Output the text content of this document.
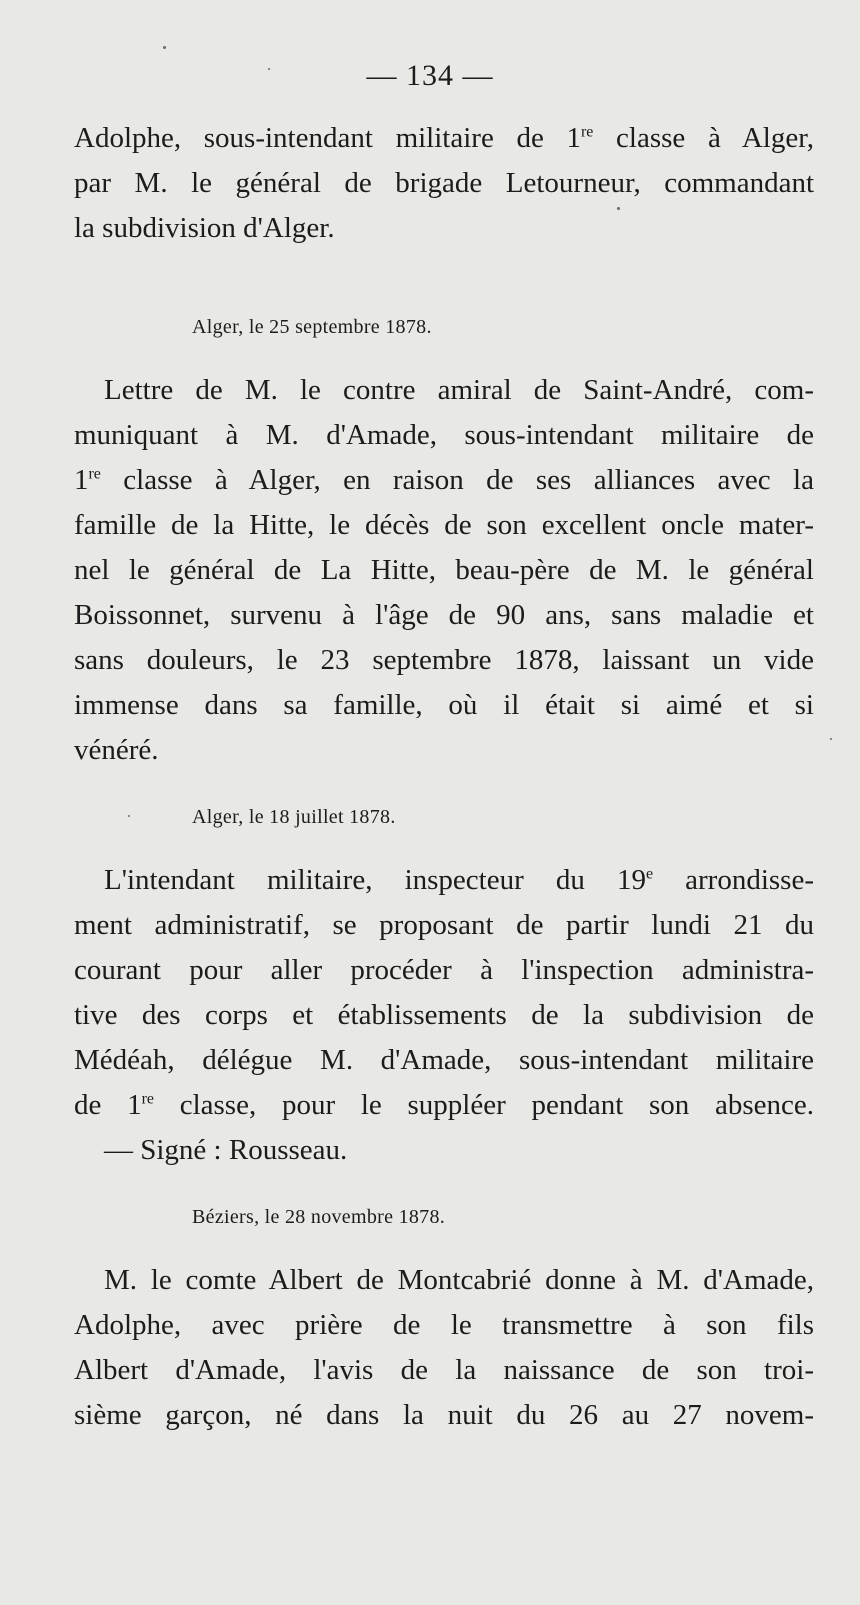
— 134 —
Adolphe, sous-intendant militaire de 1re classe à Alger,
par M. le général de brigade Letourneur, commandant
la subdivision d'Alger.
Alger, le 25 septembre 1878.
Lettre de M. le contre amiral de Saint-André, com-
muniquant à M. d'Amade, sous-intendant militaire de
1re classe à Alger, en raison de ses alliances avec la
famille de la Hitte, le décès de son excellent oncle mater-
nel le général de La Hitte, beau-père de M. le général
Boissonnet, survenu à l'âge de 90 ans, sans maladie et
sans douleurs, le 23 septembre 1878, laissant un vide
immense dans sa famille, où il était si aimé et si
vénéré.
Alger, le 18 juillet 1878.
L'intendant militaire, inspecteur du 19e arrondisse-
ment administratif, se proposant de partir lundi 21 du
courant pour aller procéder à l'inspection administra-
tive des corps et établissements de la subdivision de
Médéah, délégue M. d'Amade, sous-intendant militaire
de 1re classe, pour le suppléer pendant son absence.
— Signé : Rousseau.
Béziers, le 28 novembre 1878.
M. le comte Albert de Montcabrié donne à M. d'Amade,
Adolphe, avec prière de le transmettre à son fils
Albert d'Amade, l'avis de la naissance de son troi-
sième garçon, né dans la nuit du 26 au 27 novem-
